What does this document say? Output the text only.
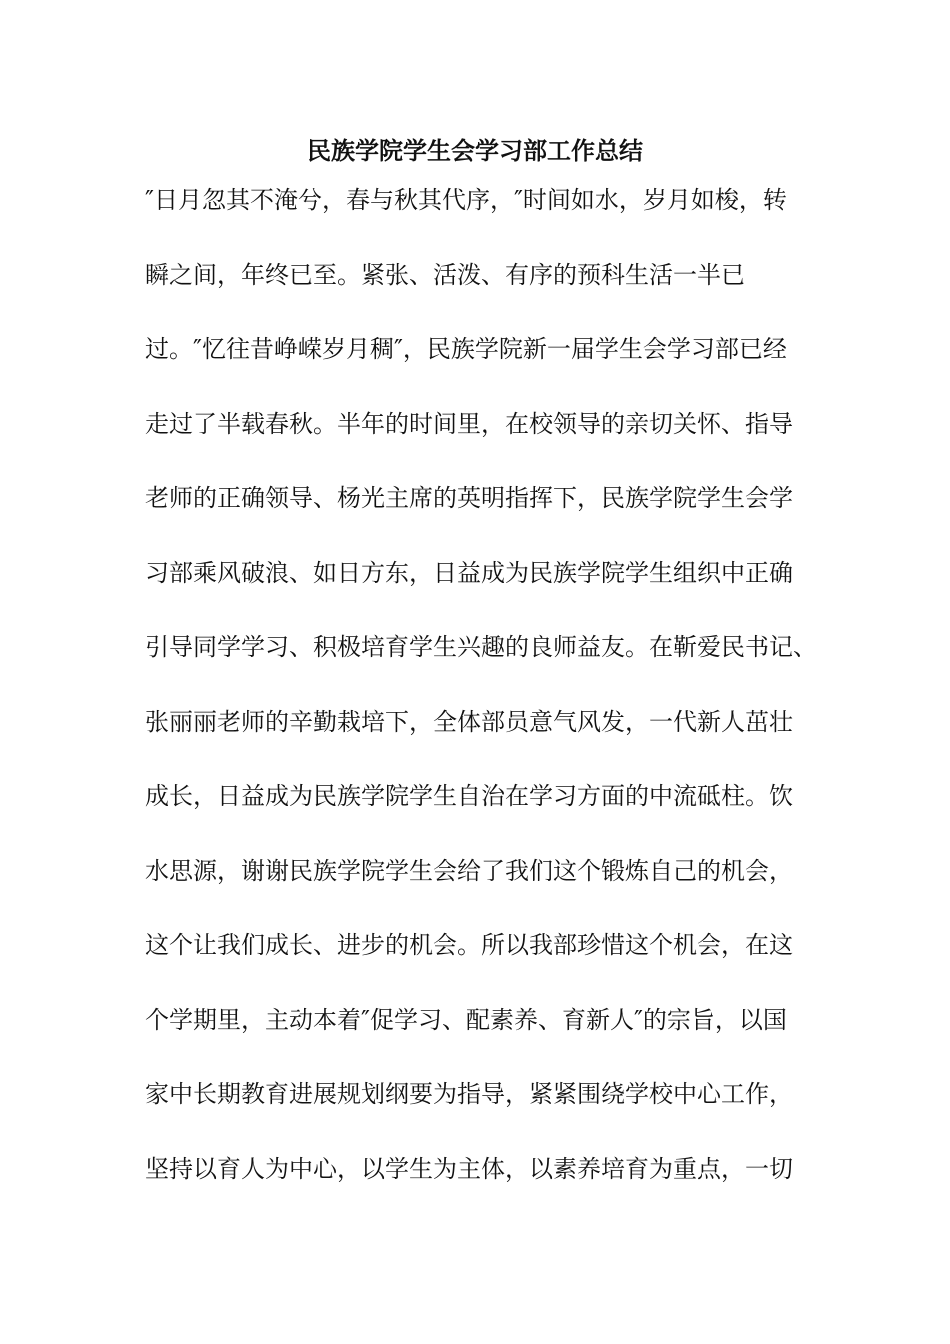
民族学院学生会学习部工作总结

″日月忽其不淹兮，春与秋其代序，″时间如水，岁月如梭，转

瞬之间，年终已至。紧张、活泼、有序的预科生活一半已

过。″忆往昔峥嵘岁月稠″，民族学院新一届学生会学习部已经

走过了半载春秋。半年的时间里，在校领导的亲切关怀、指导

老师的正确领导、杨光主席的英明指挥下，民族学院学生会学

习部乘风破浪、如日方东，日益成为民族学院学生组织中正确

引导同学学习、积极培育学生兴趣的良师益友。在靳爱民书记、

张丽丽老师的辛勤栽培下，全体部员意气风发，一代新人茁壮

成长，日益成为民族学院学生自治在学习方面的中流砥柱。饮

水思源，谢谢民族学院学生会给了我们这个锻炼自己的机会，

这个让我们成长、进步的机会。所以我部珍惜这个机会，在这

个学期里，主动本着″促学习、配素养、育新人″的宗旨，以国

家中长期教育进展规划纲要为指导，紧紧围绕学校中心工作，

坚持以育人为中心，以学生为主体，以素养培育为重点，一切
